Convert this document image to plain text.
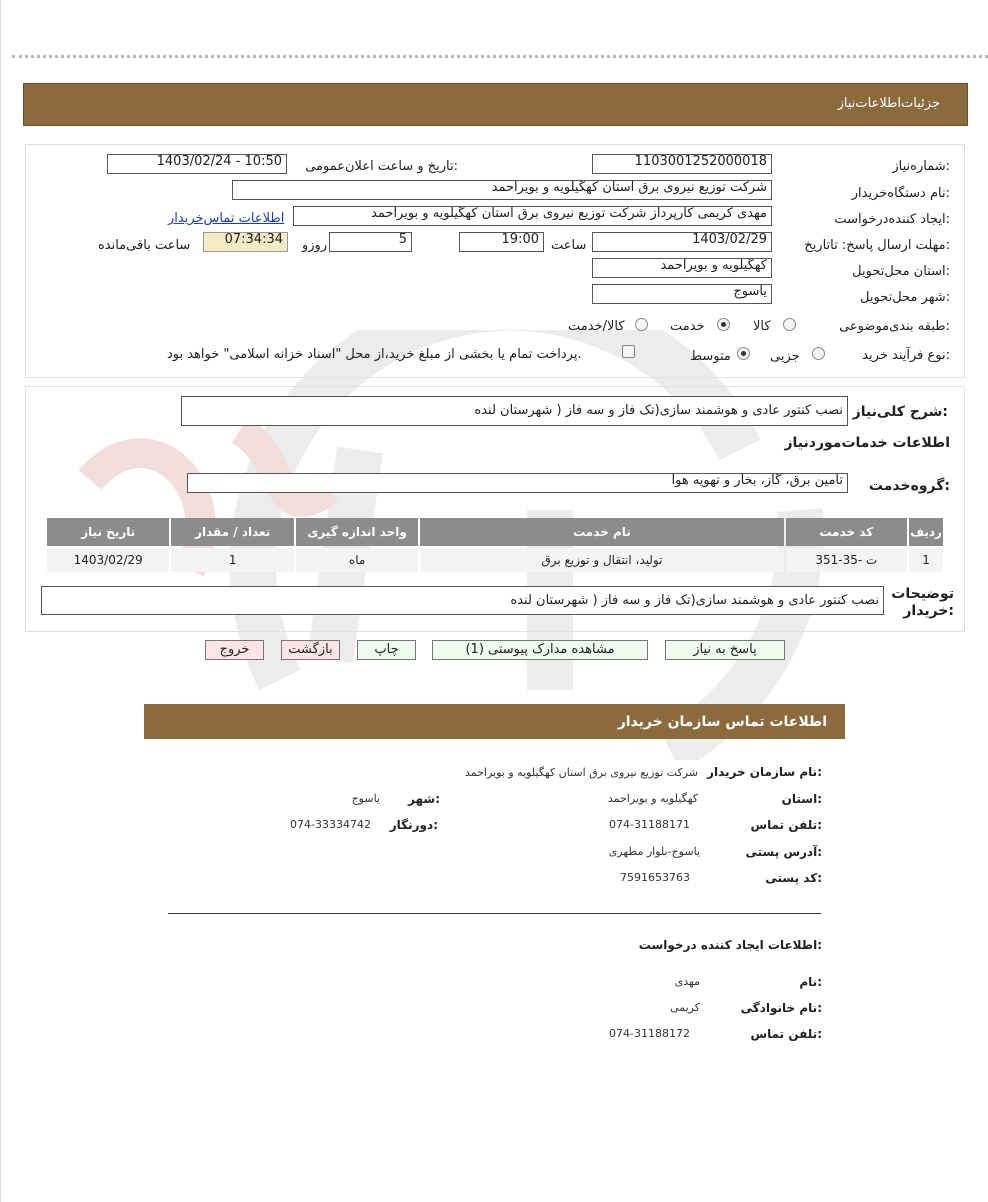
جزئیات‌اطلاعات‌نیاز
شماره‌نیاز:
1103001252000018
تاریخ و ساعت اعلان‌عمومی:
1403/02/24 - 10:50
نام دستگاه‌خریدار:
شرکت توزیع نیروی برق استان کهگیلویه و بویراحمد
ایجاد کننده‌درخواست:
مهدی کریمی کارپرداز شرکت توزیع نیروی برق استان کهگیلویه و بویراحمد
اطلاعات تماس‌خریدار
مهلت ارسال پاسخ: تاتاریخ:
1403/02/29
ساعت
19:00
5
روزو
07:34:34
ساعت باقی‌مانده
استان محل‌تحویل:
کهگیلویه و بویراحمد
شهر محل‌تحویل:
یاسوج
طبقه بندی‌موضوعی:
کالا
خدمت
کالا/خدمت
نوع فرآیند خرید:
جزیی
متوسط
پرداخت تمام یا بخشی از مبلغ خرید،از محل "اسناد خزانه اسلامی" خواهد بود.
شرح کلی‌نیاز:
نصب کنتور عادی و هوشمند سازی(تک فاز و سه فاز ( شهرستان لنده
اطلاعات خدمات‌مورد‌نیاز
گروه‌خدمت:
تامین برق، گاز، بخار و تهویه هوا
ردیف	کد خدمت	نام خدمت	واحد اندازه گیری	تعداد / مقدار	تاریخ نیاز
1	ت -35-351	تولید، انتقال و توزیع برق	ماه	1	1403/02/29
توضیحات خریدار:
نصب کنتور عادی و هوشمند سازی(تک فاز و سه فاز ( شهرستان لنده
پاسخ به نیاز
مشاهده مدارک پیوستی (1)
چاپ
بازگشت
خروج
اطلاعات تماس سازمان خریدار
نام سازمان خریدار:
شرکت توزیع نیروی برق استان کهگیلویه و بویراحمد
استان:
کهگیلویه و بویراحمد
شهر:
یاسوج
تلفن تماس:
074-31188171
دورنگار:
074-33334742
آدرس پستی:
یاسوج-بلوار مطهری
کد پستی:
7591653763
اطلاعات ایجاد کننده درخواست:
نام:
مهدی
نام خانوادگی:
کریمی
تلفن تماس:
074-31188172
